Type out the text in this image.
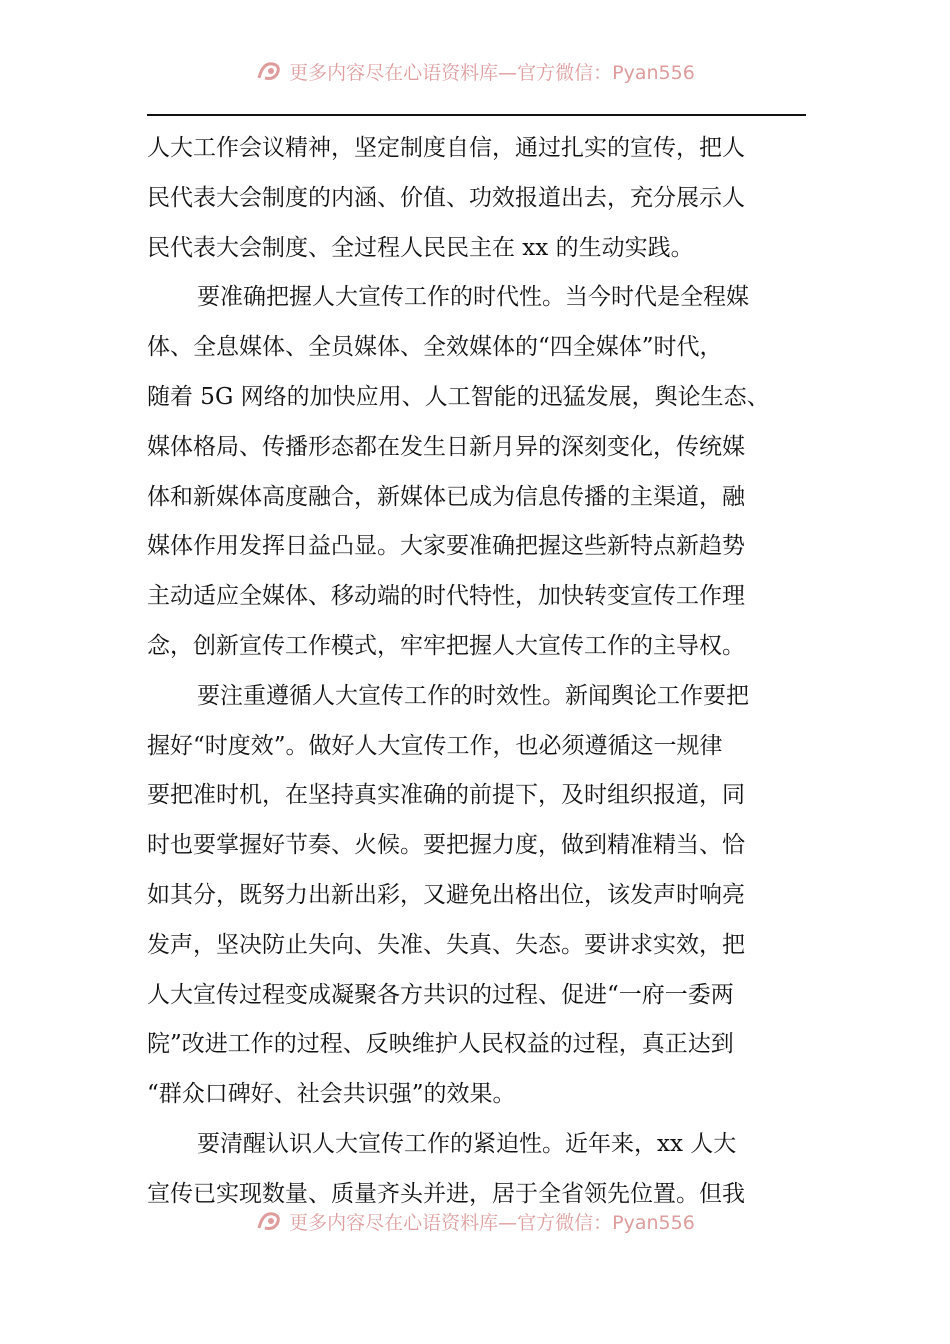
更多内容尽在心语资料库—官方微信：Pyan556

人大工作会议精神，坚定制度自信，通过扎实的宣传，把人
民代表大会制度的内涵、价值、功效报道出去，充分展示人
民代表大会制度、全过程人民民主在 xx 的生动实践。

要准确把握人大宣传工作的时代性。当今时代是全程媒
体、全息媒体、全员媒体、全效媒体的“四全媒体”时代，
随着 5G 网络的加快应用、人工智能的迅猛发展，舆论生态、
媒体格局、传播形态都在发生日新月异的深刻变化，传统媒
体和新媒体高度融合，新媒体已成为信息传播的主渠道，融
媒体作用发挥日益凸显。大家要准确把握这些新特点新趋势
主动适应全媒体、移动端的时代特性，加快转变宣传工作理
念，创新宣传工作模式，牢牢把握人大宣传工作的主导权。

要注重遵循人大宣传工作的时效性。新闻舆论工作要把
握好“时度效”。做好人大宣传工作，也必须遵循这一规律
要把准时机，在坚持真实准确的前提下，及时组织报道，同
时也要掌握好节奏、火候。要把握力度，做到精准精当、恰
如其分，既努力出新出彩，又避免出格出位，该发声时响亮
发声，坚决防止失向、失准、失真、失态。要讲求实效，把
人大宣传过程变成凝聚各方共识的过程、促进“一府一委两
院”改进工作的过程、反映维护人民权益的过程，真正达到
“群众口碑好、社会共识强”的效果。

要清醒认识人大宣传工作的紧迫性。近年来，xx 人大
宣传已实现数量、质量齐头并进，居于全省领先位置。但我

更多内容尽在心语资料库—官方微信：Pyan556
